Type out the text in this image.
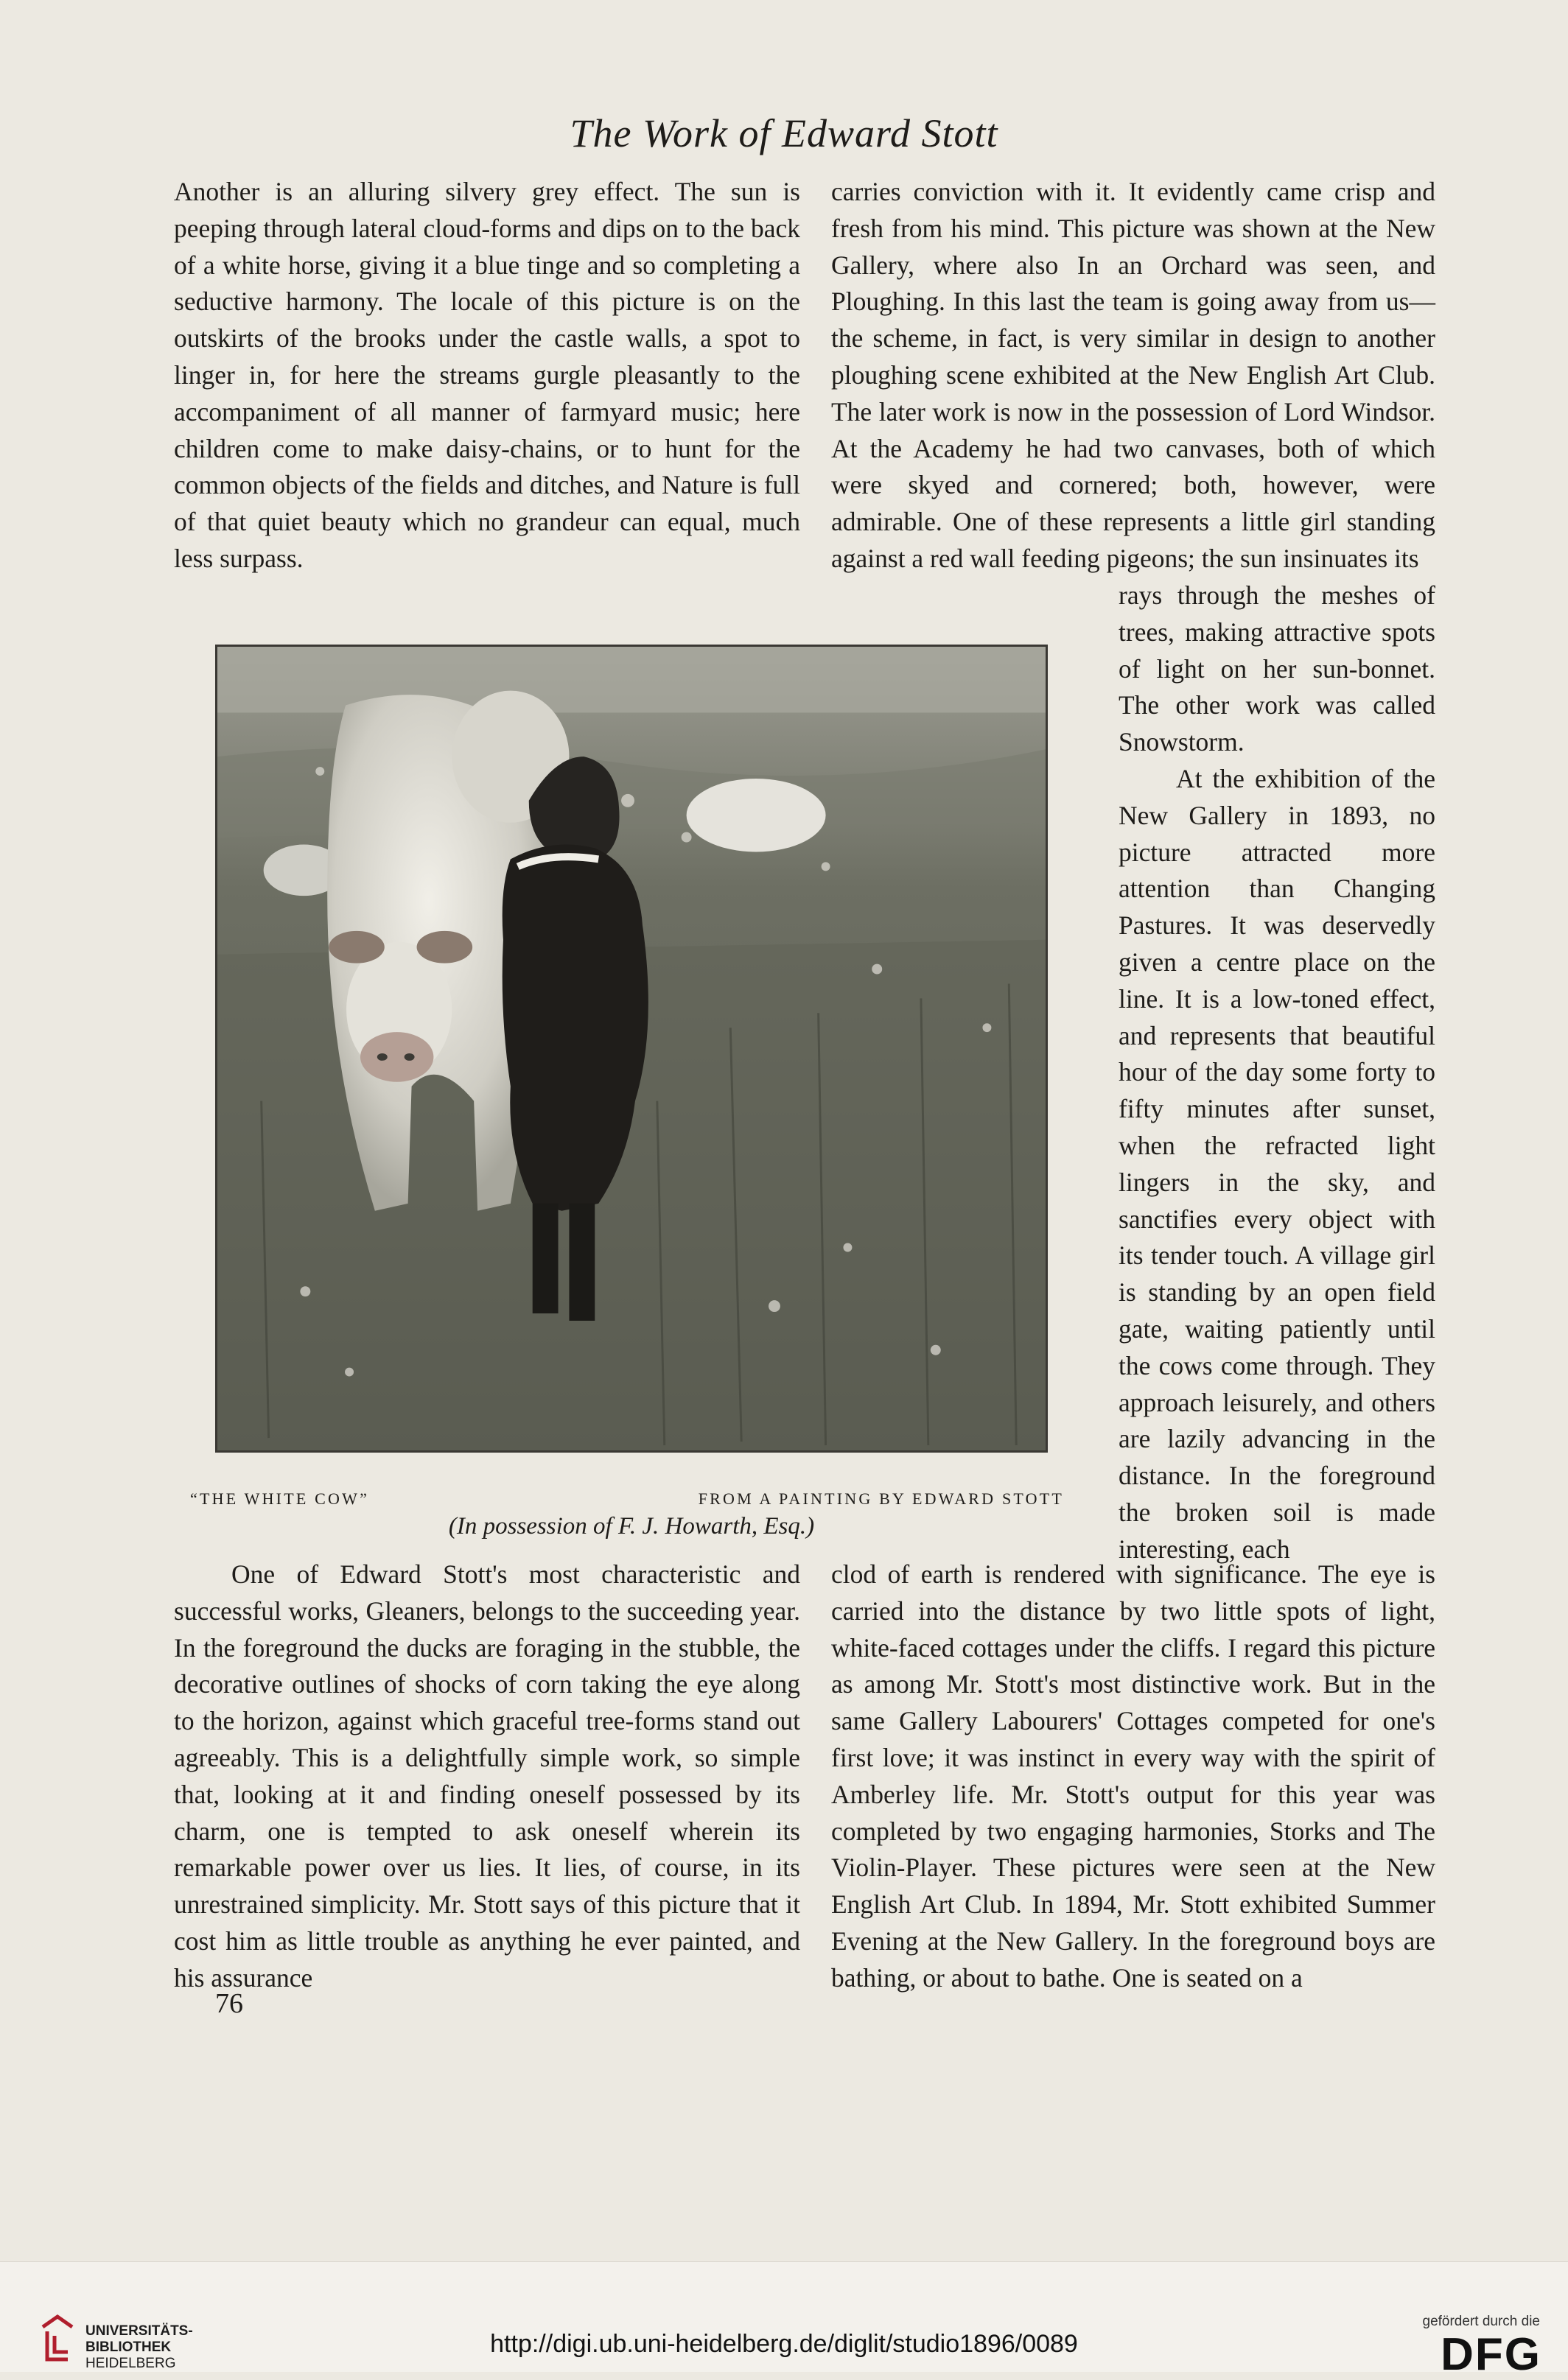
The Work of Edward Stott

Another is an alluring silvery grey effect. The sun is peeping through lateral cloud-forms and dips on to the back of a white horse, giving it a blue tinge and so completing a seductive harmony. The locale of this picture is on the outskirts of the brooks under the castle walls, a spot to linger in, for here the streams gurgle pleasantly to the accompaniment of all manner of farmyard music; here children come to make daisy-chains, or to hunt for the common objects of the fields and ditches, and Nature is full of that quiet beauty which no grandeur can equal, much less surpass.

carries conviction with it. It evidently came crisp and fresh from his mind. This picture was shown at the New Gallery, where also In an Orchard was seen, and Ploughing. In this last the team is going away from us—the scheme, in fact, is very similar in design to another ploughing scene exhibited at the New English Art Club. The later work is now in the possession of Lord Windsor. At the Academy he had two canvases, both of which were skyed and cornered; both, however, were admirable. One of these represents a little girl standing against a red wall feeding pigeons; the sun insinuates its

rays through the meshes of trees, making attractive spots of light on her sun-bonnet. The other work was called Snowstorm.

At the exhibition of the New Gallery in 1893, no picture attracted more attention than Changing Pastures. It was deservedly given a centre place on the line. It is a low-toned effect, and represents that beautiful hour of the day some forty to fifty minutes after sunset, when the refracted light lingers in the sky, and sanctifies every object with its tender touch. A village girl is standing by an open field gate, waiting patiently until the cows come through. They approach leisurely, and others are lazily advancing in the distance. In the foreground the broken soil is made interesting, each

“THE WHITE COW”	FROM A PAINTING BY EDWARD STOTT
(In possession of F. J. Howarth, Esq.)

One of Edward Stott's most characteristic and successful works, Gleaners, belongs to the succeeding year. In the foreground the ducks are foraging in the stubble, the decorative outlines of shocks of corn taking the eye along to the horizon, against which graceful tree-forms stand out agreeably. This is a delightfully simple work, so simple that, looking at it and finding oneself possessed by its charm, one is tempted to ask oneself wherein its remarkable power over us lies. It lies, of course, in its unrestrained simplicity. Mr. Stott says of this picture that it cost him as little trouble as anything he ever painted, and his assurance

clod of earth is rendered with significance. The eye is carried into the distance by two little spots of light, white-faced cottages under the cliffs. I regard this picture as among Mr. Stott's most distinctive work. But in the same Gallery Labourers' Cottages competed for one's first love; it was instinct in every way with the spirit of Amberley life. Mr. Stott's output for this year was completed by two engaging harmonies, Storks and The Violin-Player. These pictures were seen at the New English Art Club. In 1894, Mr. Stott exhibited Summer Evening at the New Gallery. In the foreground boys are bathing, or about to bathe. One is seated on a

76
UNIVERSITÄTS-
BIBLIOTHEK
HEIDELBERG
http://digi.ub.uni-heidelberg.de/diglit/studio1896/0089
gefördert durch die
DFG
